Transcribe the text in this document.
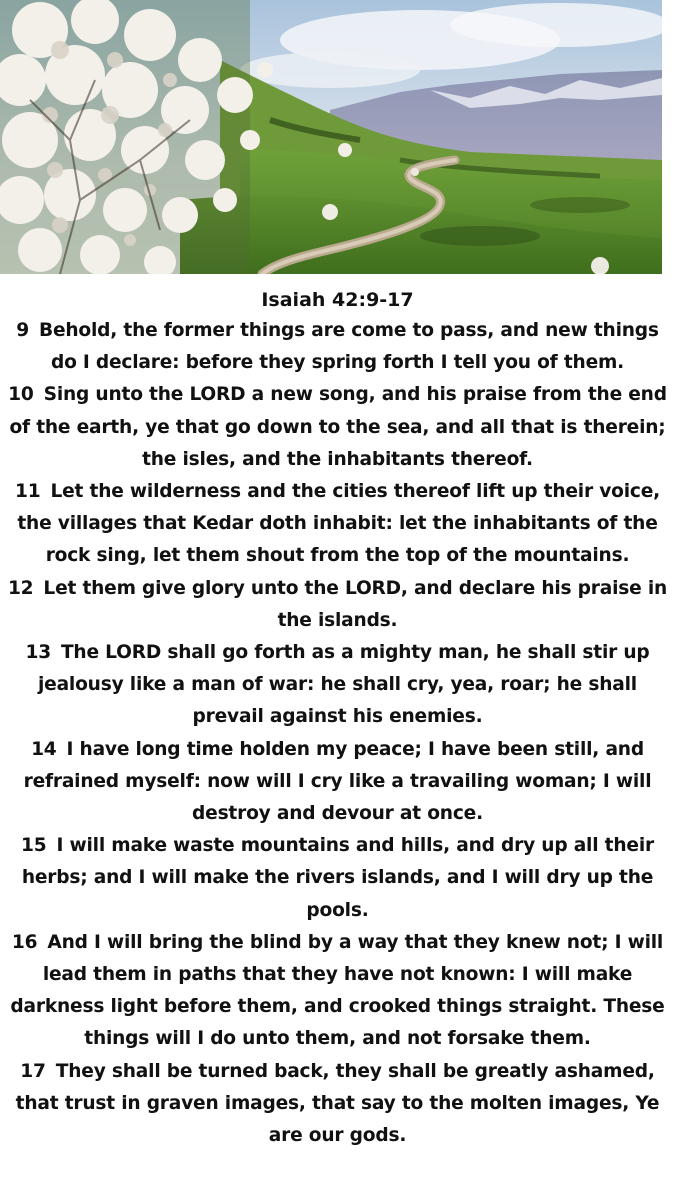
Isaiah 42:9-17

9 Behold, the former things are come to pass, and new things do I declare: before they spring forth I tell you of them.

10 Sing unto the LORD a new song, and his praise from the end of the earth, ye that go down to the sea, and all that is therein; the isles, and the inhabitants thereof.

11 Let the wilderness and the cities thereof lift up their voice, the villages that Kedar doth inhabit: let the inhabitants of the rock sing, let them shout from the top of the mountains.

12 Let them give glory unto the LORD, and declare his praise in the islands.

13 The LORD shall go forth as a mighty man, he shall stir up jealousy like a man of war: he shall cry, yea, roar; he shall prevail against his enemies.

14 I have long time holden my peace; I have been still, and refrained myself: now will I cry like a travailing woman; I will destroy and devour at once.

15 I will make waste mountains and hills, and dry up all their herbs; and I will make the rivers islands, and I will dry up the pools.

16 And I will bring the blind by a way that they knew not; I will lead them in paths that they have not known: I will make darkness light before them, and crooked things straight. These things will I do unto them, and not forsake them.

17 They shall be turned back, they shall be greatly ashamed, that trust in graven images, that say to the molten images, Ye are our gods.
